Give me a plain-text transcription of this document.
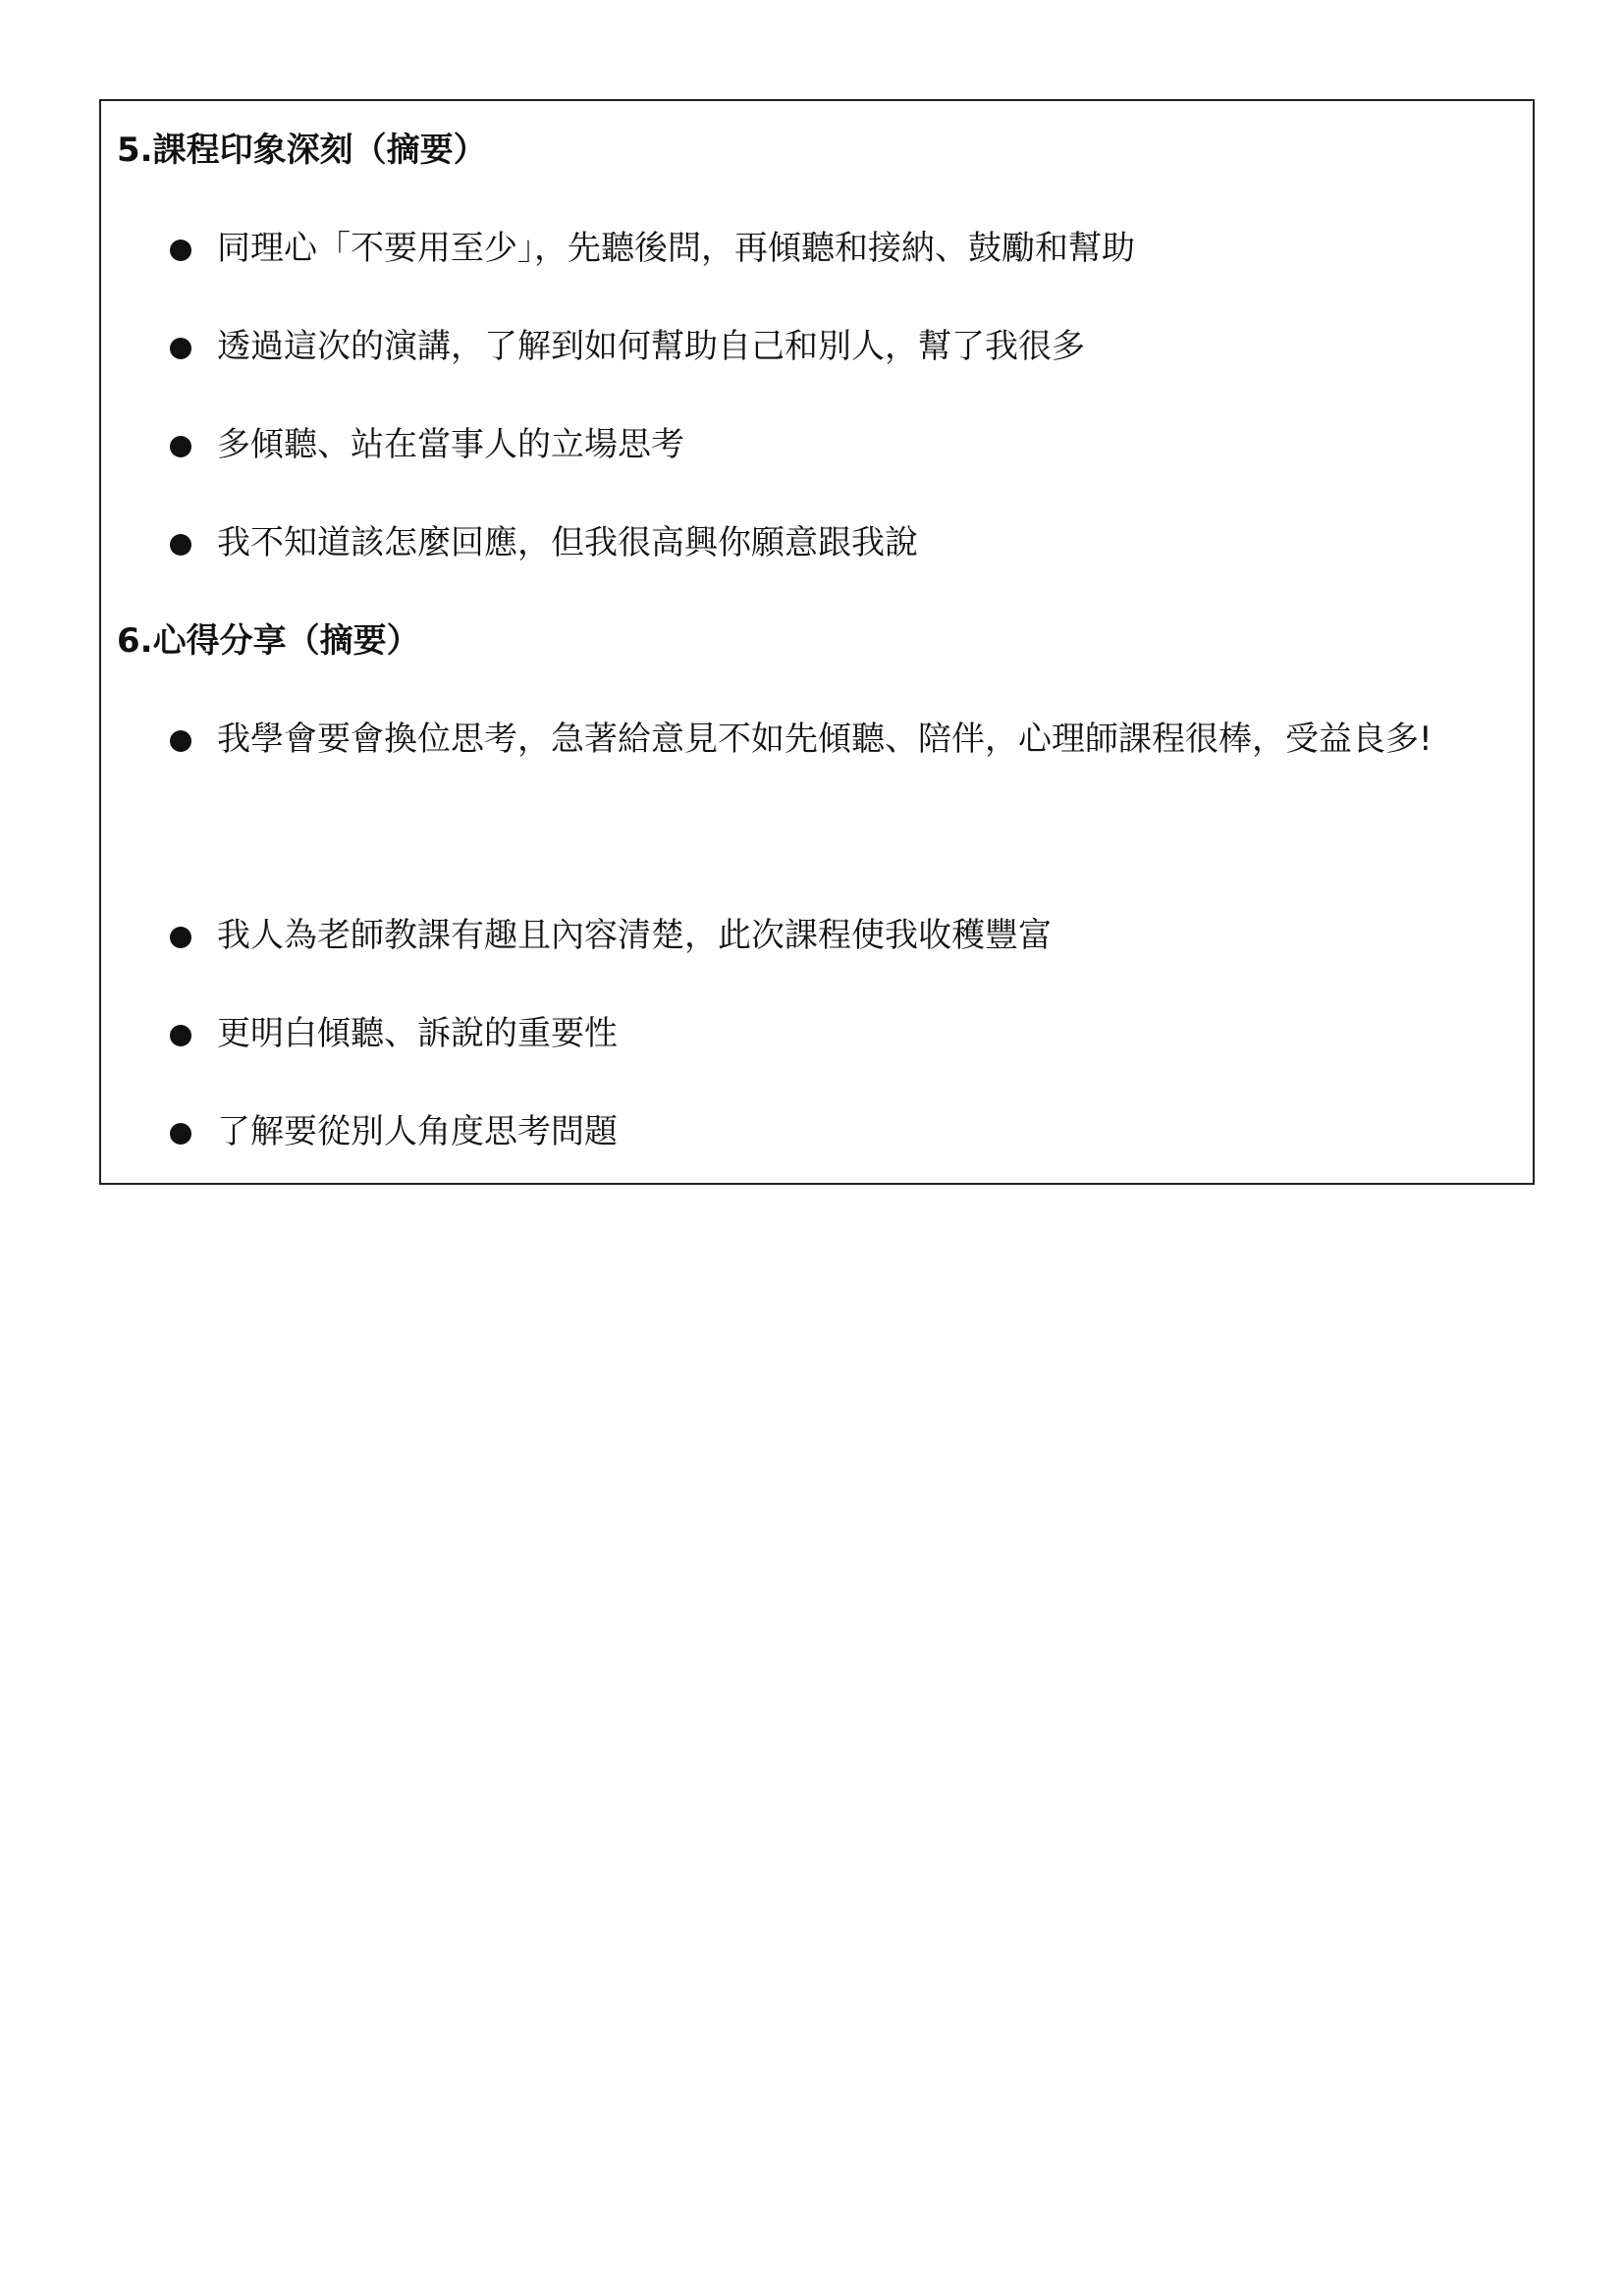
5.課程印象深刻（摘要）
同理心「不要用至少」，先聽後問，再傾聽和接納、鼓勵和幫助
透過這次的演講，了解到如何幫助自己和別人，幫了我很多
多傾聽、站在當事人的立場思考
我不知道該怎麼回應，但我很高興你願意跟我說
6.心得分享（摘要）
我學會要會換位思考，急著給意見不如先傾聽、陪伴，心理師課程很棒，受益良多!
我人為老師教課有趣且內容清楚，此次課程使我收穫豐富
更明白傾聽、訴說的重要性
了解要從別人角度思考問題
